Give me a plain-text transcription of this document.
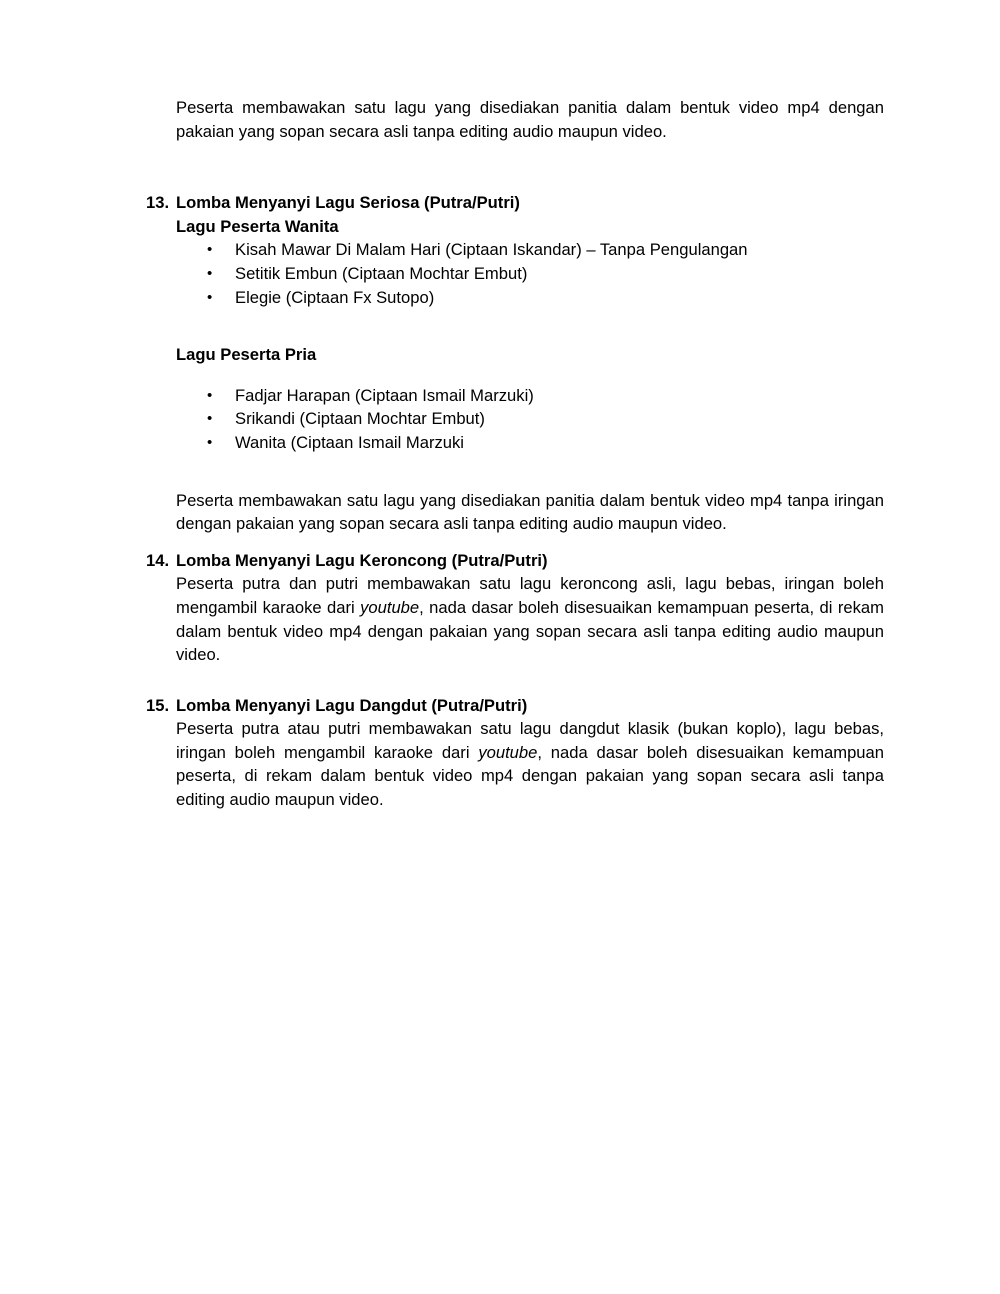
Peserta membawakan satu lagu yang disediakan panitia dalam bentuk video mp4 dengan pakaian yang sopan secara asli tanpa editing audio maupun video.

13. Lomba Menyanyi Lagu Seriosa (Putra/Putri)
Lagu Peserta Wanita
•	Kisah Mawar Di Malam Hari (Ciptaan Iskandar) – Tanpa Pengulangan
•	Setitik Embun (Ciptaan Mochtar Embut)
•	Elegie (Ciptaan Fx Sutopo)
Lagu Peserta Pria
•	Fadjar Harapan (Ciptaan Ismail Marzuki)
•	Srikandi (Ciptaan Mochtar Embut)
•	Wanita (Ciptaan Ismail Marzuki

Peserta membawakan satu lagu yang disediakan panitia dalam bentuk video mp4 tanpa iringan dengan pakaian yang sopan secara asli tanpa editing audio maupun video.

14. Lomba Menyanyi Lagu Keroncong (Putra/Putri)

Peserta putra dan putri membawakan satu lagu keroncong asli, lagu bebas, iringan boleh mengambil karaoke dari youtube, nada dasar boleh disesuaikan kemampuan peserta, di rekam dalam bentuk video mp4 dengan pakaian yang sopan secara asli tanpa editing audio maupun video.

15. Lomba Menyanyi Lagu Dangdut (Putra/Putri)

Peserta putra atau putri membawakan satu lagu dangdut klasik (bukan koplo), lagu bebas, iringan boleh mengambil karaoke dari youtube, nada dasar boleh disesuaikan kemampuan peserta, di rekam dalam bentuk video mp4 dengan pakaian yang sopan secara asli tanpa editing audio maupun video.
